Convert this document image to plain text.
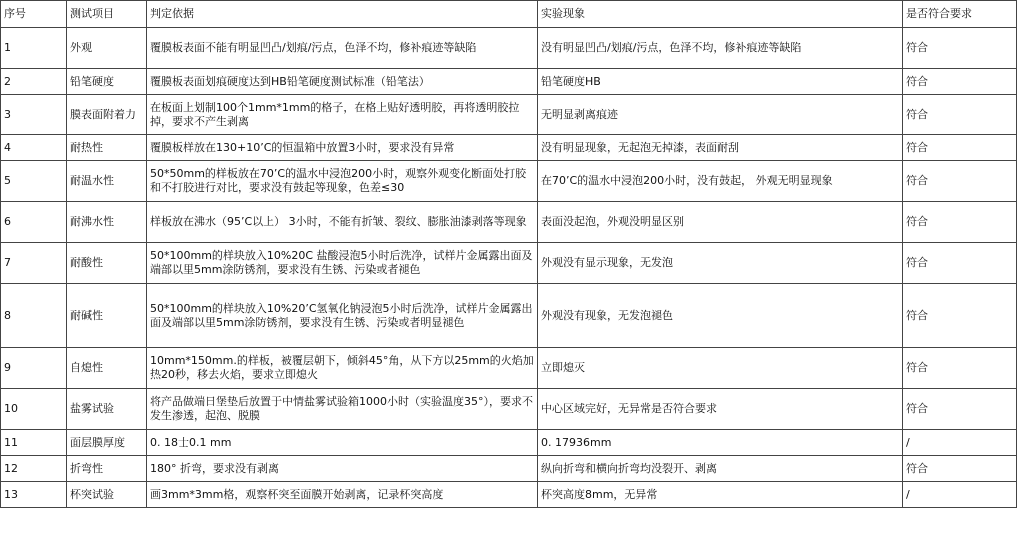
序号	测试项目	判定依据	实验现象	是否符合要求
1	外观	覆膜板表面不能有明显凹凸/划痕/污点，色泽不均，修补痕迹等缺陷	没有明显凹凸/划痕/污点，色泽不均，修补痕迹等缺陷	符合
2	铅笔硬度	覆膜板表面划痕硬度达到HB铅笔硬度测试标准（铅笔法）	铅笔硬度HB	符合
3	膜表面附着力	在板面上划制100个1mm*1mm的格子，在格上贴好透明胶，再将透明胶拉掉，要求不产生剥离	无明显剥离痕迹	符合
4	耐热性	覆膜板样放在130+10’C的恒温箱中放置3小时，要求没有异常	没有明显现象，无起泡无掉漆，表面耐刮	符合
5	耐温水性	50*50mm的样板放在70’C的温水中浸泡200小时，观察外观变化断面处打胶和不打胶进行对比，要求没有鼓起等现象，色差≤30	在70’C的温水中浸泡200小时，没有鼓起， 外观无明显现象	符合
6	耐沸水性	样板放在沸水（95’C以上） 3小时，不能有折皱、裂纹、膨胀油漆剥落等现象	表面没起泡，外观没明显区别	符合
7	耐酸性	50*100mm的样块放入10%20C 盐酸浸泡5小时后洗净，试样片金属露出面及端部以里5mm涂防锈剂，要求没有生锈、污染或者褪色	外观没有显示现象，无发泡	符合
8	耐碱性	50*100mm的样块放入10%20’C氢氧化钠浸泡5小时后洗净，试样片金属露出面及端部以里5mm涂防锈剂，要求没有生锈、污染或者明显褪色	外观没有现象，无发泡褪色	符合
9	自熄性	10mm*150mm.的样板，被覆层朝下，倾斜45°角，从下方以25mm的火焰加热20秒，移去火焰，要求立即熄火	立即熄灭	符合
10	盐雾试验	将产品做端日堡垫后放置于中情盐雾试验箱1000小时（实验温度35°），要求不发生渗透，起泡、脱膜	中心区域完好，无异常是否符合要求	符合
11	面层膜厚度	0. 18士0.1 mm	0. 17936mm	/
12	折弯性	180° 折弯，要求没有剥离	纵向折弯和横向折弯均没裂开、剥离	符合
13	杯突试验	画3mm*3mm格，观察杯突至面膜开始剥离，记录杯突高度	杯突高度8mm，无异常	/
